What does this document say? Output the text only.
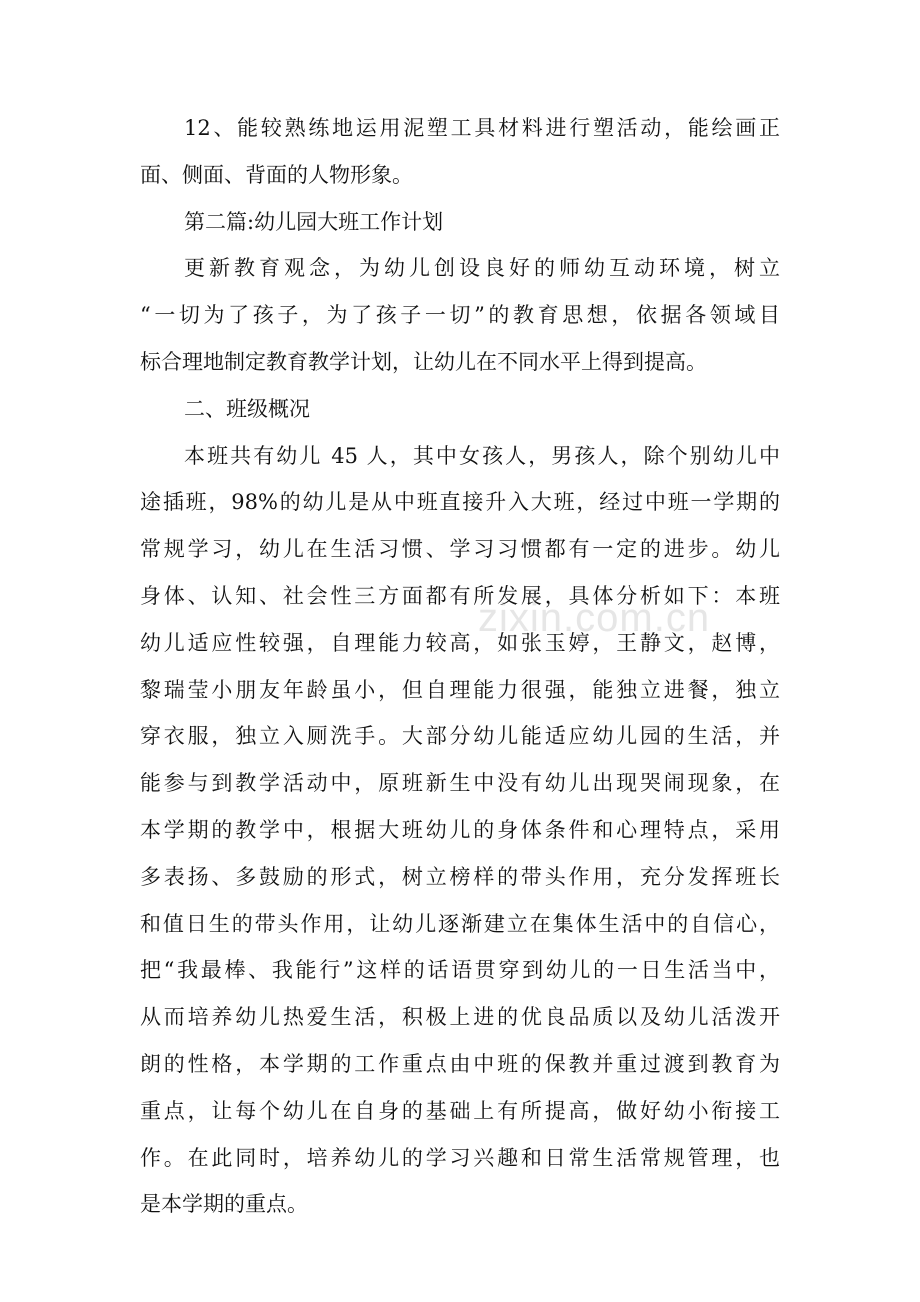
zixin.com.cn
12、能较熟练地运用泥塑工具材料进行塑活动，能绘画正
面、侧面、背面的人物形象。
第二篇:幼儿园大班工作计划
更新教育观念，为幼儿创设良好的师幼互动环境，树立
“一切为了孩子，为了孩子一切”的教育思想，依据各领域目
标合理地制定教育教学计划，让幼儿在不同水平上得到提高。
二、班级概况
本班共有幼儿 45 人，其中女孩人，男孩人，除个别幼儿中
途插班，98%的幼儿是从中班直接升入大班，经过中班一学期的
常规学习，幼儿在生活习惯、学习习惯都有一定的进步。幼儿
身体、认知、社会性三方面都有所发展，具体分析如下：本班
幼儿适应性较强，自理能力较高，如张玉婷，王静文，赵博，
黎瑞莹小朋友年龄虽小，但自理能力很强，能独立进餐，独立
穿衣服，独立入厕洗手。大部分幼儿能适应幼儿园的生活，并
能参与到教学活动中，原班新生中没有幼儿出现哭闹现象，在
本学期的教学中，根据大班幼儿的身体条件和心理特点，采用
多表扬、多鼓励的形式，树立榜样的带头作用，充分发挥班长
和值日生的带头作用，让幼儿逐渐建立在集体生活中的自信心，
把“我最棒、我能行”这样的话语贯穿到幼儿的一日生活当中，
从而培养幼儿热爱生活，积极上进的优良品质以及幼儿活泼开
朗的性格，本学期的工作重点由中班的保教并重过渡到教育为
重点，让每个幼儿在自身的基础上有所提高，做好幼小衔接工
作。在此同时，培养幼儿的学习兴趣和日常生活常规管理，也
是本学期的重点。
